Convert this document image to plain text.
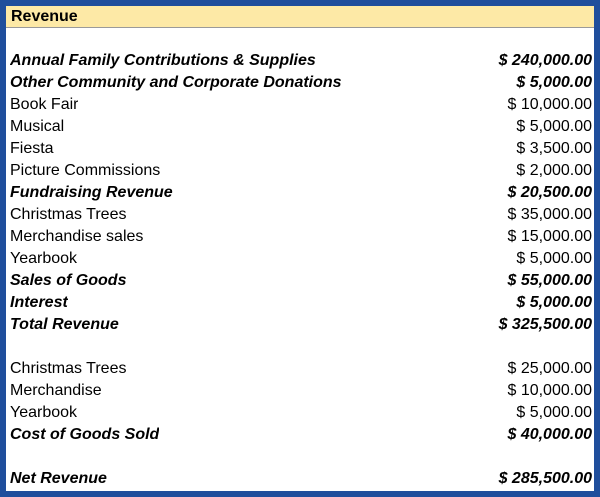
Revenue
Annual Family Contributions & Supplies	$ 240,000.00
Other Community and Corporate Donations	$ 5,000.00
Book Fair	$ 10,000.00
Musical	$ 5,000.00
Fiesta	$ 3,500.00
Picture Commissions	$ 2,000.00
Fundraising Revenue	$ 20,500.00
Christmas Trees	$ 35,000.00
Merchandise sales	$ 15,000.00
Yearbook	$ 5,000.00
Sales of Goods	$ 55,000.00
Interest	$ 5,000.00
Total Revenue	$ 325,500.00
Christmas Trees	$ 25,000.00
Merchandise	$ 10,000.00
Yearbook	$ 5,000.00
Cost of Goods Sold	$ 40,000.00
Net Revenue	$ 285,500.00
